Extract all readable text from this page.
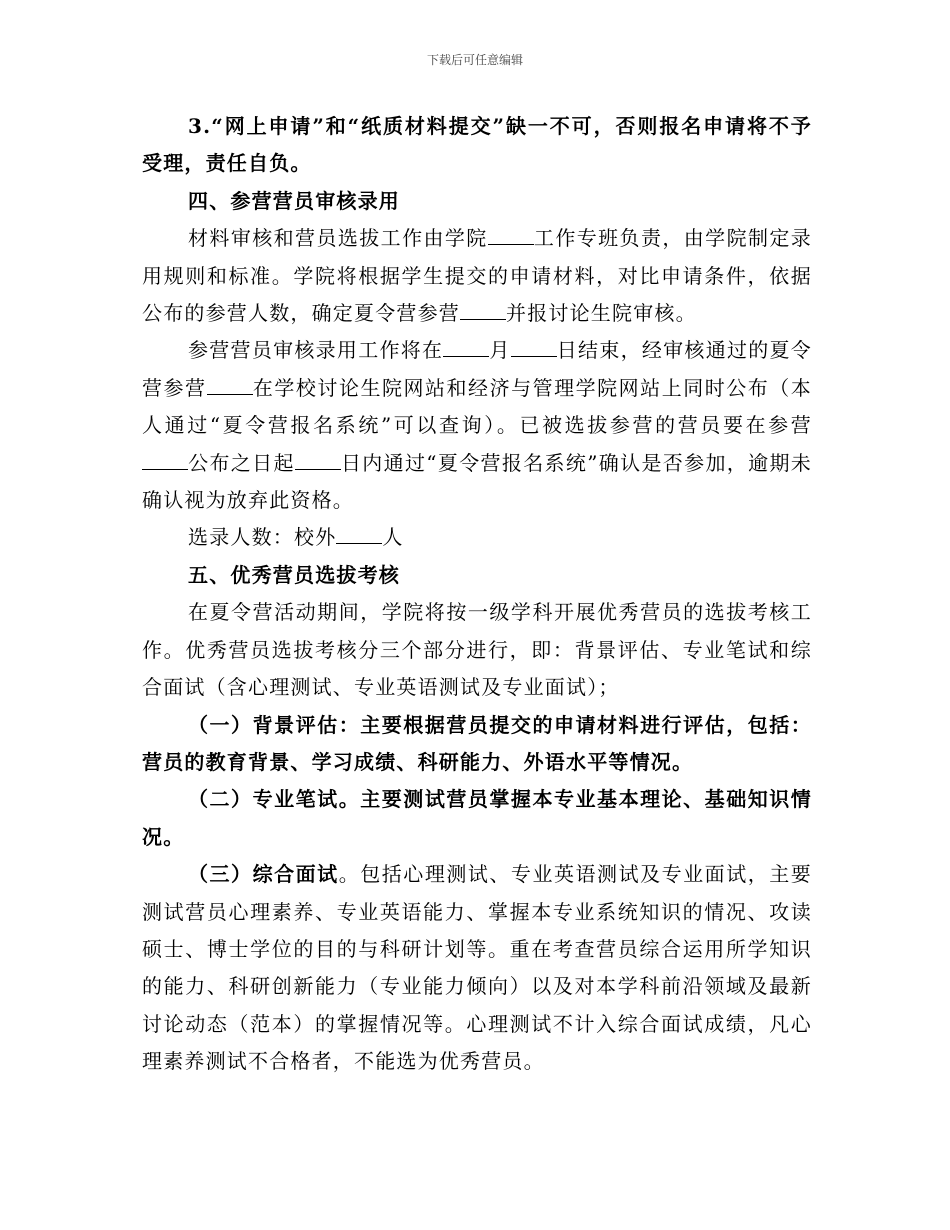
下载后可任意编辑

3.“网上申请”和“纸质材料提交”缺一不可，否则报名申请将不予受理，责任自负。

四、参营营员审核录用

材料审核和营员选拔工作由学院 工作专班负责，由学院制定录用规则和标准。学院将根据学生提交的申请材料，对比申请条件，依据公布的参营人数，确定夏令营参营 并报讨论生院审核。

参营营员审核录用工作将在 月 日结束，经审核通过的夏令营参营 在学校讨论生院网站和经济与管理学院网站上同时公布（本人通过“夏令营报名系统”可以查询）。已被选拔参营的营员要在参营公布之日起 日内通过“夏令营报名系统”确认是否参加，逾期未确认视为放弃此资格。

选录人数：校外 人

五、优秀营员选拔考核

在夏令营活动期间，学院将按一级学科开展优秀营员的选拔考核工作。优秀营员选拔考核分三个部分进行，即：背景评估、专业笔试和综合面试（含心理测试、专业英语测试及专业面试）；

（一）背景评估：主要根据营员提交的申请材料进行评估，包括：营员的教育背景、学习成绩、科研能力、外语水平等情况。

（二）专业笔试。主要测试营员掌握本专业基本理论、基础知识情况。

（三）综合面试。包括心理测试、专业英语测试及专业面试，主要测试营员心理素养、专业英语能力、掌握本专业系统知识的情况、攻读硕士、博士学位的目的与科研计划等。重在考查营员综合运用所学知识的能力、科研创新能力（专业能力倾向）以及对本学科前沿领域及最新讨论动态（范本）的掌握情况等。心理测试不计入综合面试成绩，凡心理素养测试不合格者，不能选为优秀营员。
